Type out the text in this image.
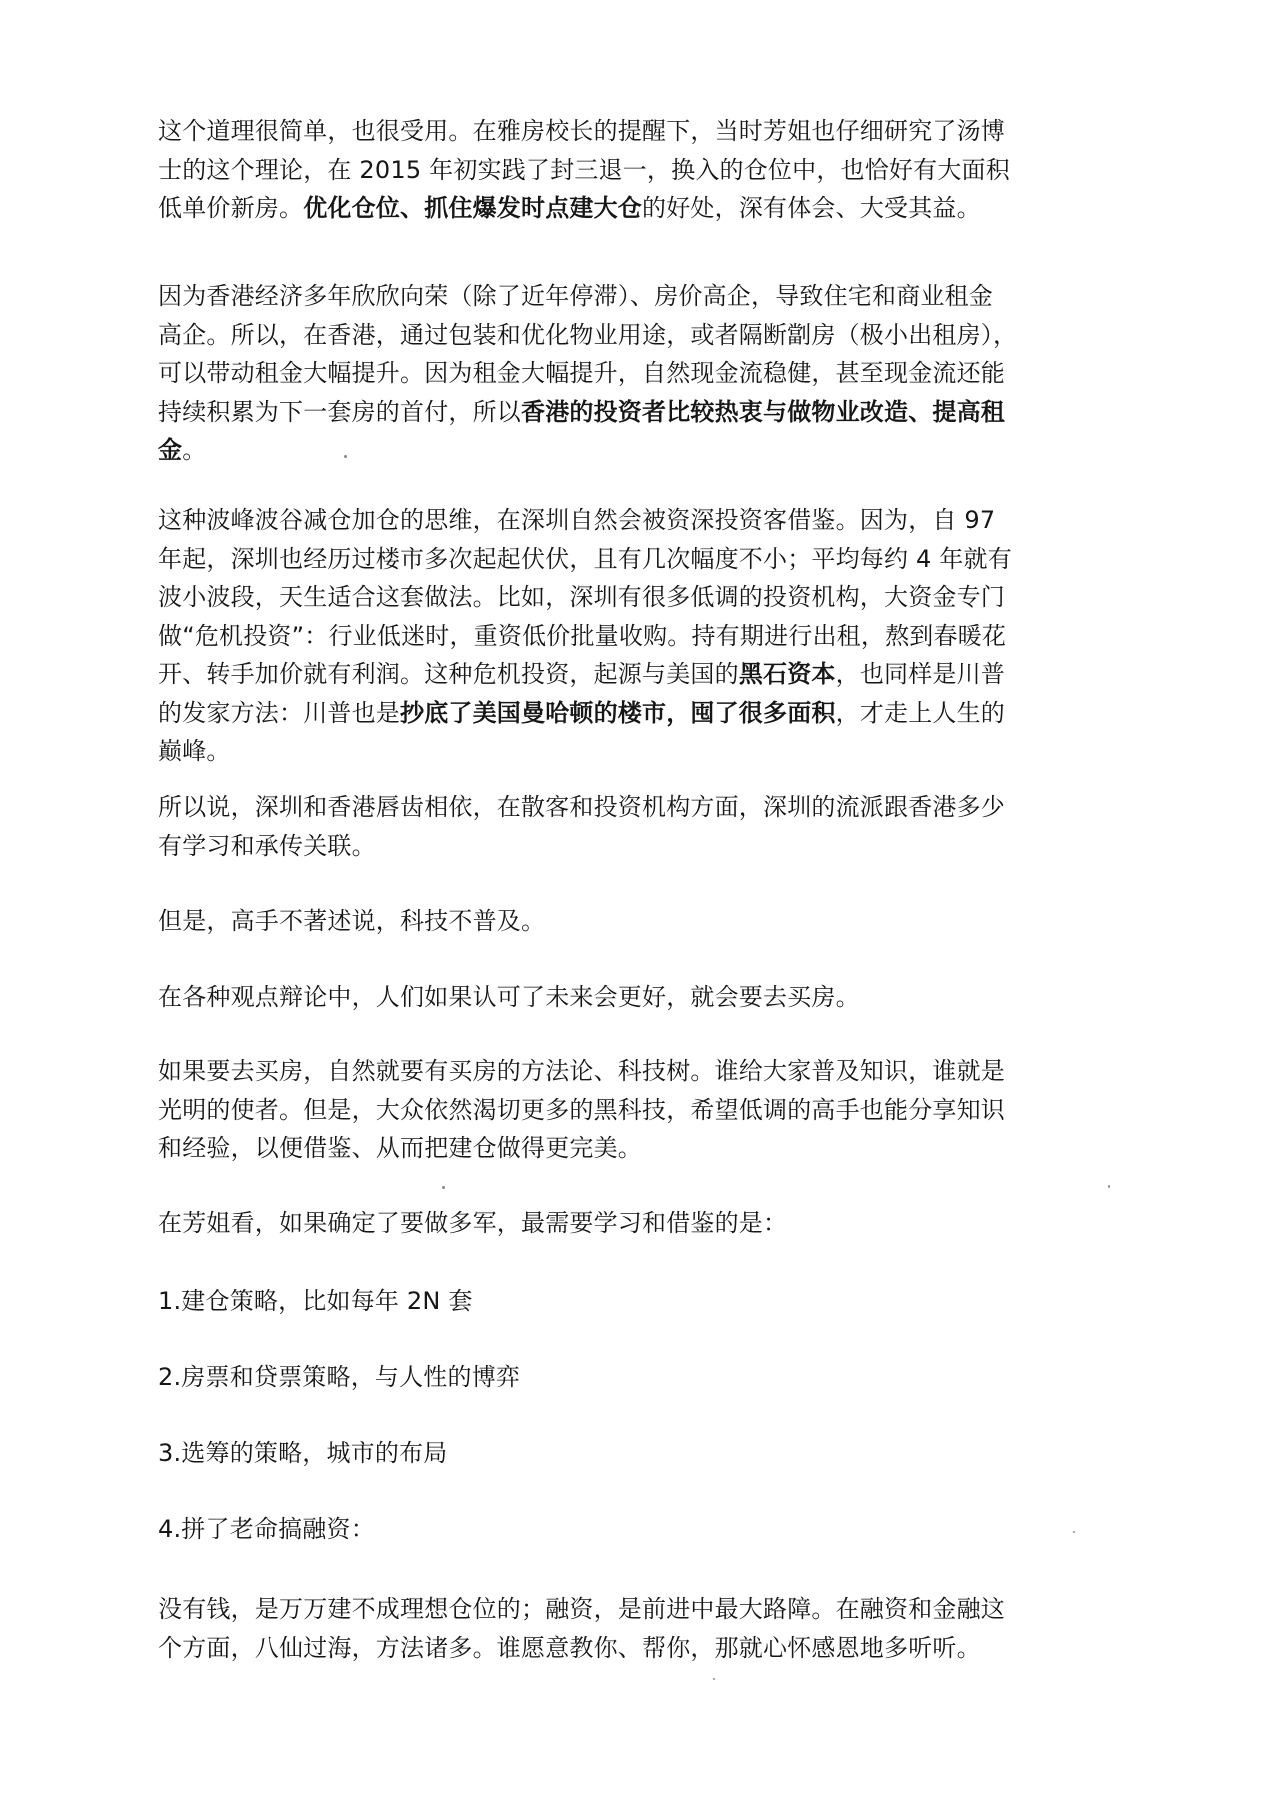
这个道理很简单，也很受用。在雅房校长的提醒下，当时芳姐也仔细研究了汤博
士的这个理论，在 2015 年初实践了封三退一，换入的仓位中，也恰好有大面积
低单价新房。优化仓位、抓住爆发时点建大仓的好处，深有体会、大受其益。

因为香港经济多年欣欣向荣（除了近年停滞）、房价高企，导致住宅和商业租金
高企。所以，在香港，通过包装和优化物业用途，或者隔断劏房（极小出租房），
可以带动租金大幅提升。因为租金大幅提升，自然现金流稳健，甚至现金流还能
持续积累为下一套房的首付，所以香港的投资者比较热衷与做物业改造、提高租
金。

这种波峰波谷减仓加仓的思维，在深圳自然会被资深投资客借鉴。因为，自 97
年起，深圳也经历过楼市多次起起伏伏，且有几次幅度不小；平均每约 4 年就有
波小波段，天生适合这套做法。比如，深圳有很多低调的投资机构，大资金专门
做“危机投资”：行业低迷时，重资低价批量收购。持有期进行出租，熬到春暖花
开、转手加价就有利润。这种危机投资，起源与美国的黑石资本，也同样是川普
的发家方法：川普也是抄底了美国曼哈顿的楼市，囤了很多面积，才走上人生的
巅峰。

所以说，深圳和香港唇齿相依，在散客和投资机构方面，深圳的流派跟香港多少
有学习和承传关联。

但是，高手不著述说，科技不普及。

在各种观点辩论中，人们如果认可了未来会更好，就会要去买房。

如果要去买房，自然就要有买房的方法论、科技树。谁给大家普及知识，谁就是
光明的使者。但是，大众依然渴切更多的黑科技，希望低调的高手也能分享知识
和经验，以便借鉴、从而把建仓做得更完美。

在芳姐看，如果确定了要做多军，最需要学习和借鉴的是：

1.建仓策略，比如每年 2N 套

2.房票和贷票策略，与人性的博弈

3.选筹的策略，城市的布局

4.拼了老命搞融资：

没有钱，是万万建不成理想仓位的；融资，是前进中最大路障。在融资和金融这
个方面，八仙过海，方法诸多。谁愿意教你、帮你，那就心怀感恩地多听听。
